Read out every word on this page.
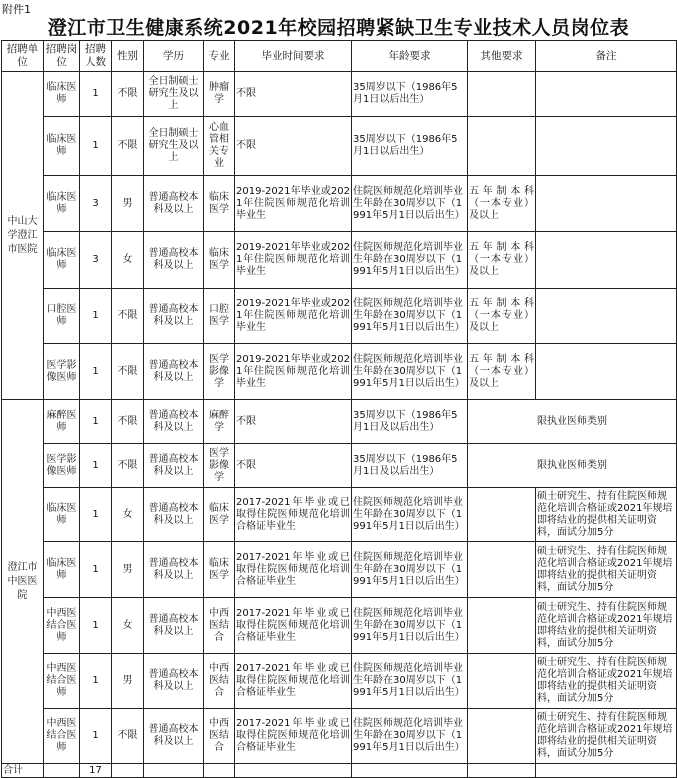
附件1
澄江市卫生健康系统2021年校园招聘紧缺卫生专业技术人员岗位表
招聘单位	招聘岗位	招聘人数	性别	学历	专业	毕业时间要求	年龄要求	其他要求	备注
中山大学澄江市医院	临床医师	1	不限	全日制硕士研究生及以上	肿瘤学	不限	35周岁以下（1986年5月1日以后出生）		
	临床医师	1	不限	全日制硕士研究生及以上	心血管相关专业	不限	35周岁以下（1986年5月1日以后出生）		
	临床医师	3	男	普通高校本科及以上	临床医学	2019-2021年毕业或2021年住院医师规范化培训毕业生	住院医师规范化培训毕业生年龄在30周岁以下（1991年5月1日以后出生）	五年制本科（一本专业）及以上	
	临床医师	3	女	普通高校本科及以上	临床医学	2019-2021年毕业或2021年住院医师规范化培训毕业生	住院医师规范化培训毕业生年龄在30周岁以下（1991年5月1日以后出生）	五年制本科（一本专业）及以上	
	口腔医师	1	不限	普通高校本科及以上	口腔医学	2019-2021年毕业或2021年住院医师规范化培训毕业生	住院医师规范化培训毕业生年龄在30周岁以下（1991年5月1日以后出生）	五年制本科（一本专业）及以上	
	医学影像医师	1	不限	普通高校本科及以上	医学影像学	2019-2021年毕业或2021年住院医师规范化培训毕业生	住院医师规范化培训毕业生年龄在30周岁以下（1991年5月1日以后出生）	五年制本科（一本专业）及以上	
澄江市中医医院	麻醉医师	1	不限	普通高校本科及以上	麻醉学	不限	35周岁以下（1986年5月1日及以后出生）	限执业医师类别	
	医学影像医师	1	不限	普通高校本科及以上	医学影像学	不限	35周岁以下（1986年5月1日及以后出生）	限执业医师类别	
	临床医师	1	女	普通高校本科及以上	临床医学	2017-2021年毕业或已取得住院医师规范化培训合格证毕业生	住院医师规范化培训毕业生年龄在30周岁以下（1991年5月1日以后出生）		硕士研究生、持有住院医师规范化培训合格证或2021年规培即将结业的提供相关证明资料，面试分加5分
	临床医师	1	男	普通高校本科及以上	临床医学	2017-2021年毕业或已取得住院医师规范化培训合格证毕业生	住院医师规范化培训毕业生年龄在30周岁以下（1991年5月1日以后出生）		硕士研究生、持有住院医师规范化培训合格证或2021年规培即将结业的提供相关证明资料，面试分加5分
	中西医结合医师	1	女	普通高校本科及以上	中西医结合	2017-2021年毕业或已取得住院医师规范化培训合格证毕业生	住院医师规范化培训毕业生年龄在30周岁以下（1991年5月1日以后出生）		硕士研究生、持有住院医师规范化培训合格证或2021年规培即将结业的提供相关证明资料，面试分加5分
	中西医结合医师	1	男	普通高校本科及以上	中西医结合	2017-2021年毕业或已取得住院医师规范化培训合格证毕业生	住院医师规范化培训毕业生年龄在30周岁以下（1991年5月1日以后出生）		硕士研究生、持有住院医师规范化培训合格证或2021年规培即将结业的提供相关证明资料，面试分加5分
	中西医结合医师	1	不限	普通高校本科及以上	中西医结合	2017-2021年毕业或已取得住院医师规范化培训合格证毕业生	住院医师规范化培训毕业生年龄在30周岁以下（1991年5月1日以后出生）		硕士研究生、持有住院医师规范化培训合格证或2021年规培即将结业的提供相关证明资料，面试分加5分
合计		17							
